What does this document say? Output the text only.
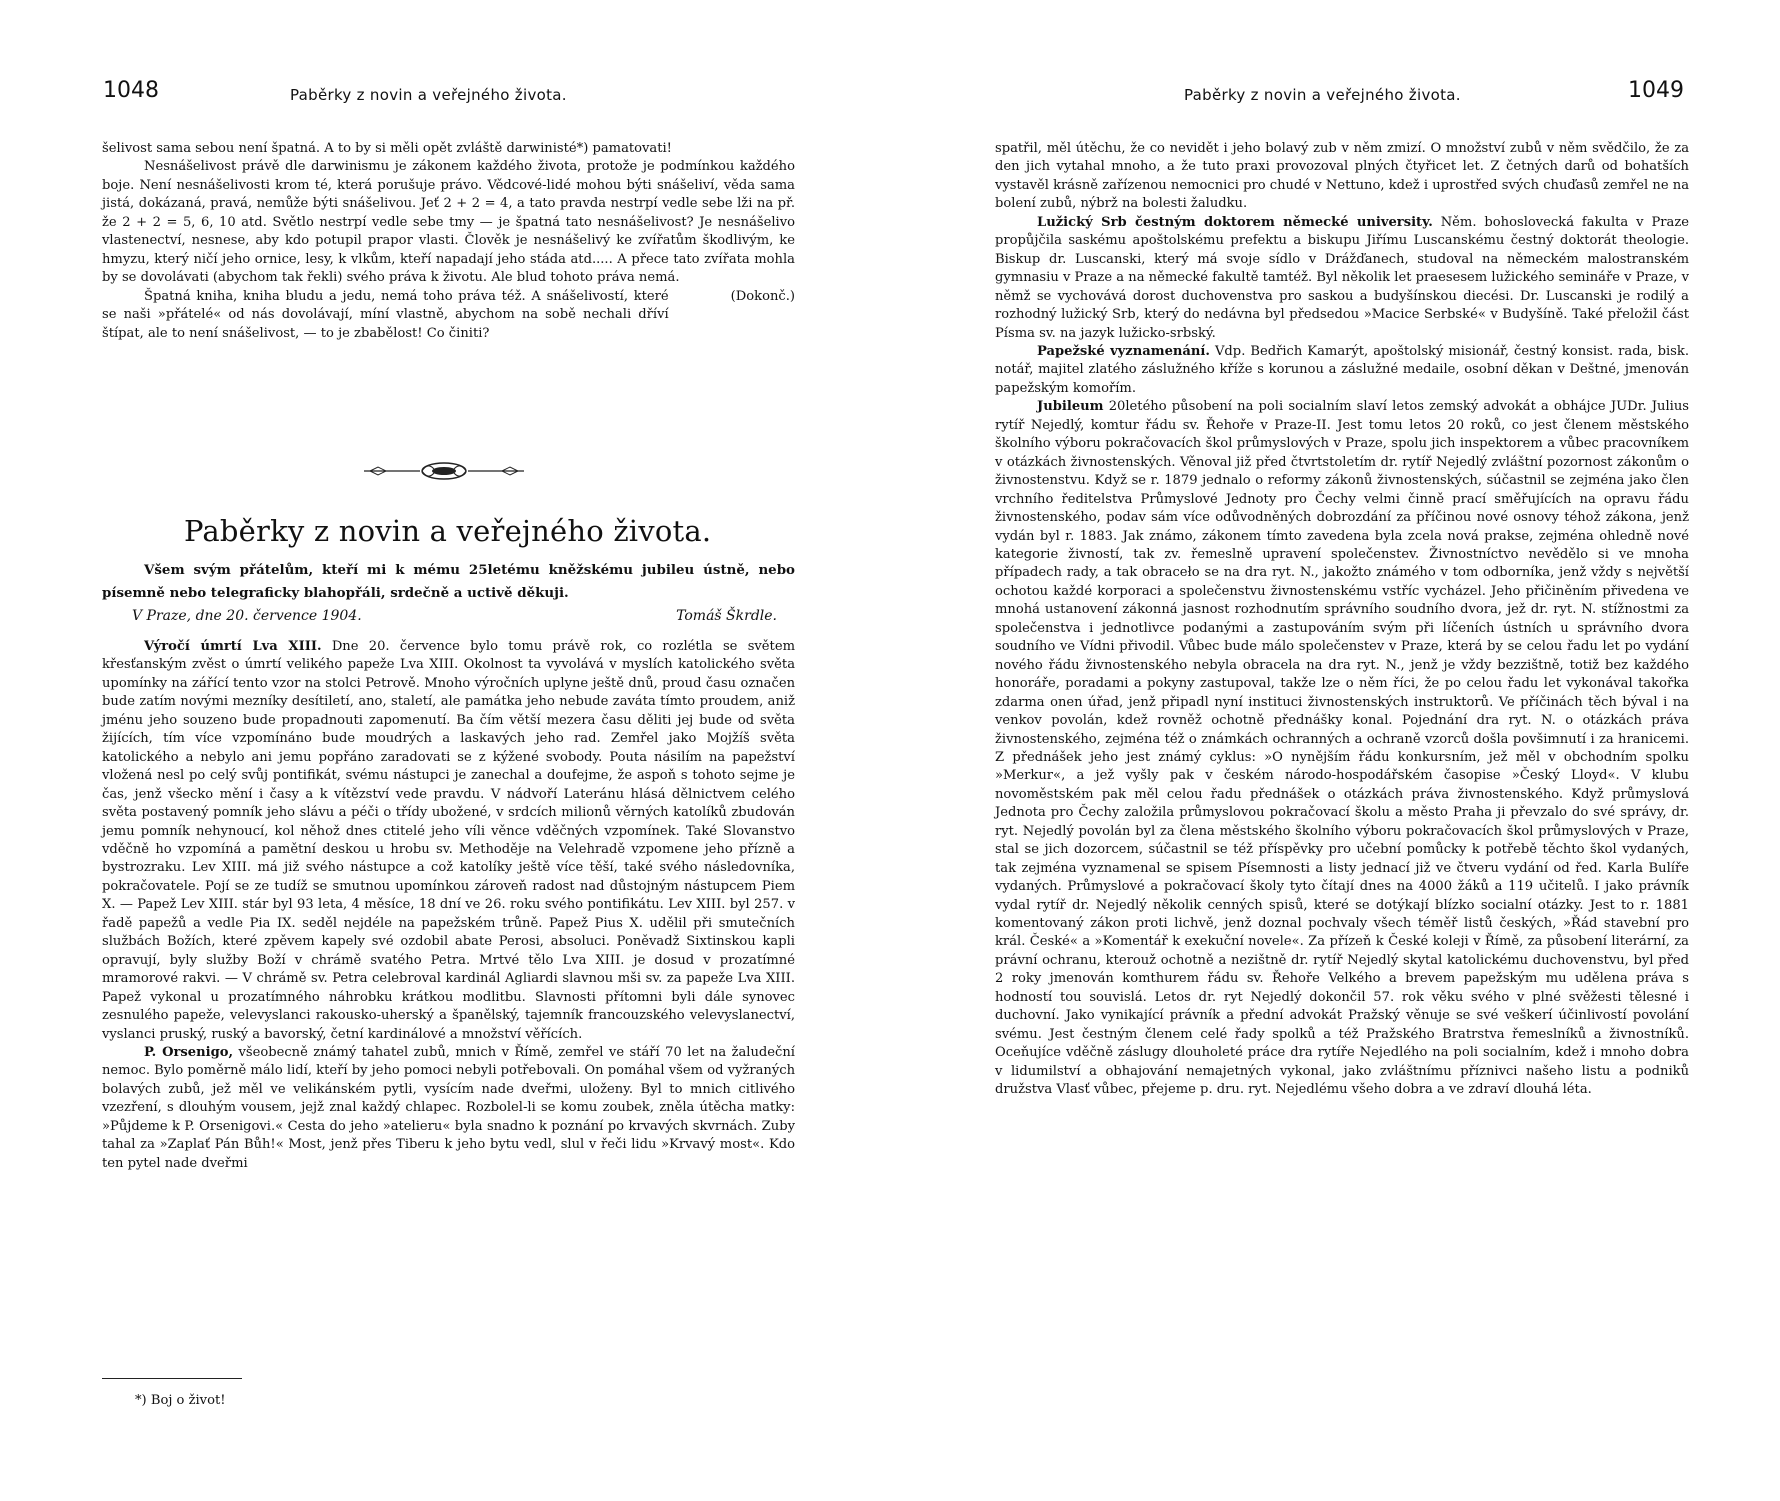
1048	Paběrky z novin a veřejného života.

šelivost sama sebou není špatná. A to by si měli opět zvláště darwinisté*) pamatovati!

Nesnášelivost právě dle darwinismu je zákonem každého života, protože je podmínkou každého boje. Není nesnášelivosti krom té, která porušuje právo. Vědcové-lidé mohou býti snášeliví, věda sama jistá, dokázaná, pravá, nemůže býti snášelivou. Jeť 2 + 2 = 4, a tato pravda nestrpí vedle sebe lži na př. že 2 + 2 = 5, 6, 10 atd. Světlo nestrpí vedle sebe tmy — je špatná tato nesnášelivost? Je nesnášelivo vlastenectví, nesnese, aby kdo potupil prapor vlasti. Člověk je nesnášelivý ke zvířatům škodlivým, ke hmyzu, který ničí jeho ornice, lesy, k vlkům, kteří napadají jeho stáda atd..... A přece tato zvířata mohla by se dovolávati (abychom tak řekli) svého práva k životu. Ale blud tohoto práva nemá.

Špatná kniha, kniha bludu a jedu, nemá toho práva též. A snášelivostí, které se naši »přátelé« od nás dovolávají, míní vlastně, abychom na sobě nechali dříví štípat, ale to není snášelivost, — to je zbabělost! Co činiti?
(Dokonč.)

Paběrky z novin a veřejného života.

Všem svým přátelům, kteří mi k mému 25letému kněžskému jubileu ústně, nebo písemně nebo telegraficky blahopřáli, srdečně a uctivě děkuji.

V Praze, dne 20. července 1904.	Tomáš Škrdle.

Výročí úmrtí Lva XIII. Dne 20. července bylo tomu právě rok, co rozlétla se světem křesťanským zvěst o úmrtí velikého papeže Lva XIII. Okolnost ta vyvolává v myslích katolického světa upomínky na zářící tento vzor na stolci Petrově. Mnoho výročních uplyne ještě dnů, proud času označen bude zatím novými mezníky desítiletí, ano, staletí, ale památka jeho nebude zaváta tímto proudem, aniž jménu jeho souzeno bude propadnouti zapomenutí. Ba čím větší mezera času děliti jej bude od světa žijících, tím více vzpomínáno bude moudrých a laskavých jeho rad. Zemřel jako Mojžíš světa katolického a nebylo ani jemu popřáno zaradovati se z kýžené svobody. Pouta násilím na papežství vložená nesl po celý svůj pontifikát, svému nástupci je zanechal a doufejme, že aspoň s tohoto sejme je čas, jenž všecko mění i časy a k vítězství vede pravdu. V nádvoří Lateránu hlásá dělnictvem celého světa postavený pomník jeho slávu a péči o třídy ubožené, v srdcích milionů věrných katolíků zbudován jemu pomník nehynoucí, kol něhož dnes ctitelé jeho víli věnce vděčných vzpomínek. Také Slovanstvo vděčně ho vzpomíná a pamětní deskou u hrobu sv. Methoděje na Velehradě vzpomene jeho přízně a bystrozraku. Lev XIII. má již svého nástupce a což katolíky ještě více těší, také svého následovníka, pokračovatele. Pojí se ze tudíž se smutnou upomínkou zároveň radost nad důstojným nástupcem Piem X. — Papež Lev XIII. stár byl 93 leta, 4 měsíce, 18 dní ve 26. roku svého pontifikátu. Lev XIII. byl 257. v řadě papežů a vedle Pia IX. seděl nejdéle na papežském trůně. Papež Pius X. udělil při smutečních službách Božích, které zpěvem kapely své ozdobil abate Perosi, absoluci. Poněvadž Sixtinskou kapli opravují, byly služby Boží v chrámě svatého Petra. Mrtvé tělo Lva XIII. je dosud v prozatímné mramorové rakvi. — V chrámě sv. Petra celebroval kardinál Agliardi slavnou mši sv. za papeže Lva XIII. Papež vykonal u prozatímného náhrobku krátkou modlitbu. Slavnosti přítomni byli dále synovec zesnulého papeže, velevyslanci rakousko-uherský a španělský, tajemník francouzského velevyslanectví, vyslanci pruský, ruský a bavorský, četní kardinálové a množství věřících.

P. Orsenigo, všeobecně známý tahatel zubů, mnich v Římě, zemřel ve stáří 70 let na žaludeční nemoc. Bylo poměrně málo lidí, kteří by jeho pomoci nebyli potřebovali. On pomáhal všem od vyžraných bolavých zubů, jež měl ve velikánském pytli, vysícím nade dveřmi, uloženy. Byl to mnich citlivého vzezření, s dlouhým vousem, jejž znal každý chlapec. Rozbolel-li se komu zoubek, zněla útěcha matky: »Půjdeme k P. Orsenigovi.« Cesta do jeho »atelieru« byla snadno k poznání po krvavých skvrnách. Zuby tahal za »Zaplať Pán Bůh!« Most, jenž přes Tiberu k jeho bytu vedl, slul v řeči lidu »Krvavý most«. Kdo ten pytel nade dveřmi

*) Boj o život!
Paběrky z novin a veřejného života.	1049

spatřil, měl útěchu, že co nevidět i jeho bolavý zub v něm zmizí. O množství zubů v něm svědčilo, že za den jich vytahal mnoho, a že tuto praxi provozoval plných čtyřicet let. Z četných darů od bohatších vystavěl krásně zařízenou nemocnici pro chudé v Nettuno, kdež i uprostřed svých chuďasů zemřel ne na bolení zubů, nýbrž na bolesti žaludku.

Lužický Srb čestným doktorem německé university. Něm. bohoslovecká fakulta v Praze propůjčila saskému apoštolskému prefektu a biskupu Jiřímu Luscanskému čestný doktorát theologie. Biskup dr. Luscanski, který má svoje sídlo v Drážďanech, studoval na německém malostranském gymnasiu v Praze a na německé fakultě tamtéž. Byl několik let praesesem lužického semináře v Praze, v němž se vychovává dorost duchovenstva pro saskou a budyšínskou diecési. Dr. Luscanski je rodilý a rozhodný lužický Srb, který do nedávna byl předsedou »Macice Serbské« v Budyšíně. Také přeložil část Písma sv. na jazyk lužicko-srbský.

Papežské vyznamenání. Vdp. Bedřich Kamarýt, apoštolský misionář, čestný konsist. rada, bisk. notář, majitel zlatého záslužného kříže s korunou a záslužné medaile, osobní děkan v Deštné, jmenován papežským komořím.

Jubileum 20letého působení na poli socialním slaví letos zemský advokát a obhájce JUDr. Julius rytíř Nejedlý, komtur řádu sv. Řehoře v Praze-II. Jest tomu letos 20 roků, co jest členem městského školního výboru pokračovacích škol průmyslových v Praze, spolu jich inspektorem a vůbec pracovníkem v otázkách živnostenských. Věnoval již před čtvrtstoletím dr. rytíř Nejedlý zvláštní pozornost zákonům o živnostenstvu. Když se r. 1879 jednalo o reformy zákonů živnostenských, súčastnil se zejména jako člen vrchního ředitelstva Průmyslové Jednoty pro Čechy velmi činně prací směřujících na opravu řádu živnostenského, podav sám více odůvodněných dobrozdání za příčinou nové osnovy téhož zákona, jenž vydán byl r. 1883. Jak známo, zákonem tímto zavedena byla zcela nová prakse, zejména ohledně nové kategorie živností, tak zv. řemeslně upravení společenstev. Živnostníctvo nevědělo si ve mnoha případech rady, a tak obraceło se na dra ryt. N., jakožto známého v tom odborníka, jenž vždy s největší ochotou každé korporaci a společenstvu živnostenskému vstříc vycházel. Jeho přičiněním přivedena ve mnohá ustanovení zákonná jasnost rozhodnutím správního soudního dvora, jež dr. ryt. N. stížnostmi za společenstva i jednotlivce podanými a zastupováním svým při líčeních ústních u správního dvora soudního ve Vídni přivodil. Vůbec bude málo společenstev v Praze, která by se celou řadu let po vydání nového řádu živnostenského nebyla obracela na dra ryt. N., jenž je vždy bezzištně, totiž bez každého honoráře, poradami a pokyny zastupoval, takže lze o něm říci, že po celou řadu let vykonával takořka zdarma onen úřad, jenž připadl nyní instituci živnostenských instruktorů. Ve příčinách těch býval i na venkov povolán, kdež rovněž ochotně přednášky konal. Pojednání dra ryt. N. o otázkách práva živnostenského, zejména též o známkách ochranných a ochraně vzorců došla povšimnutí i za hranicemi. Z přednášek jeho jest známý cyklus: »O nynějším řádu konkursním, jež měl v obchodním spolku »Merkur«, a jež vyšly pak v českém národo-hospodářském časopise »Český Lloyd«. V klubu novoměstském pak měl celou řadu přednášek o otázkách práva živnostenského. Když průmyslová Jednota pro Čechy založila průmyslovou pokračovací školu a město Praha ji převzalo do své správy, dr. ryt. Nejedlý povolán byl za člena městského školního výboru pokračovacích škol průmyslových v Praze, stal se jich dozorcem, súčastnil se též příspěvky pro učební pomůcky k potřebě těchto škol vydaných, tak zejména vyznamenal se spisem Písemnosti a listy jednací již ve čtveru vydání od řed. Karla Bulíře vydaných. Průmyslové a pokračovací školy tyto čítají dnes na 4000 žáků a 119 učitelů. I jako právník vydal rytíř dr. Nejedlý několik cenných spisů, které se dotýkají blízko socialní otázky. Jest to r. 1881 komentovaný zákon proti lichvě, jenž doznal pochvaly všech téměř listů českých, »Řád stavební pro král. České« a »Komentář k exekuční novele«. Za přízeň k České koleji v Římě, za působení literární, za právní ochranu, kterouž ochotně a nezištně dr. rytíř Nejedlý skytal katolickému duchovenstvu, byl před 2 roky jmenován komthurem řádu sv. Řehoře Velkého a brevem papežským mu udělena práva s hodností tou souvislá. Letos dr. ryt Nejedlý dokončil 57. rok věku svého v plné svěžesti tělesné i duchovní. Jako vynikající právník a přední advokát Pražský věnuje se své veškerí účinlivostí povolání svému. Jest čestným členem celé řady spolků a též Pražského Bratrstva řemeslníků a živnostníků. Oceňujíce vděčně záslugy dlouholeté práce dra rytíře Nejedlého na poli socialním, kdež i mnoho dobra v lidumilství a obhajování nemajetných vykonal, jako zvláštnímu příznivci našeho listu a podniků družstva Vlasť vůbec, přejeme p. dru. ryt. Nejedlému všeho dobra a ve zdraví dlouhá léta.
